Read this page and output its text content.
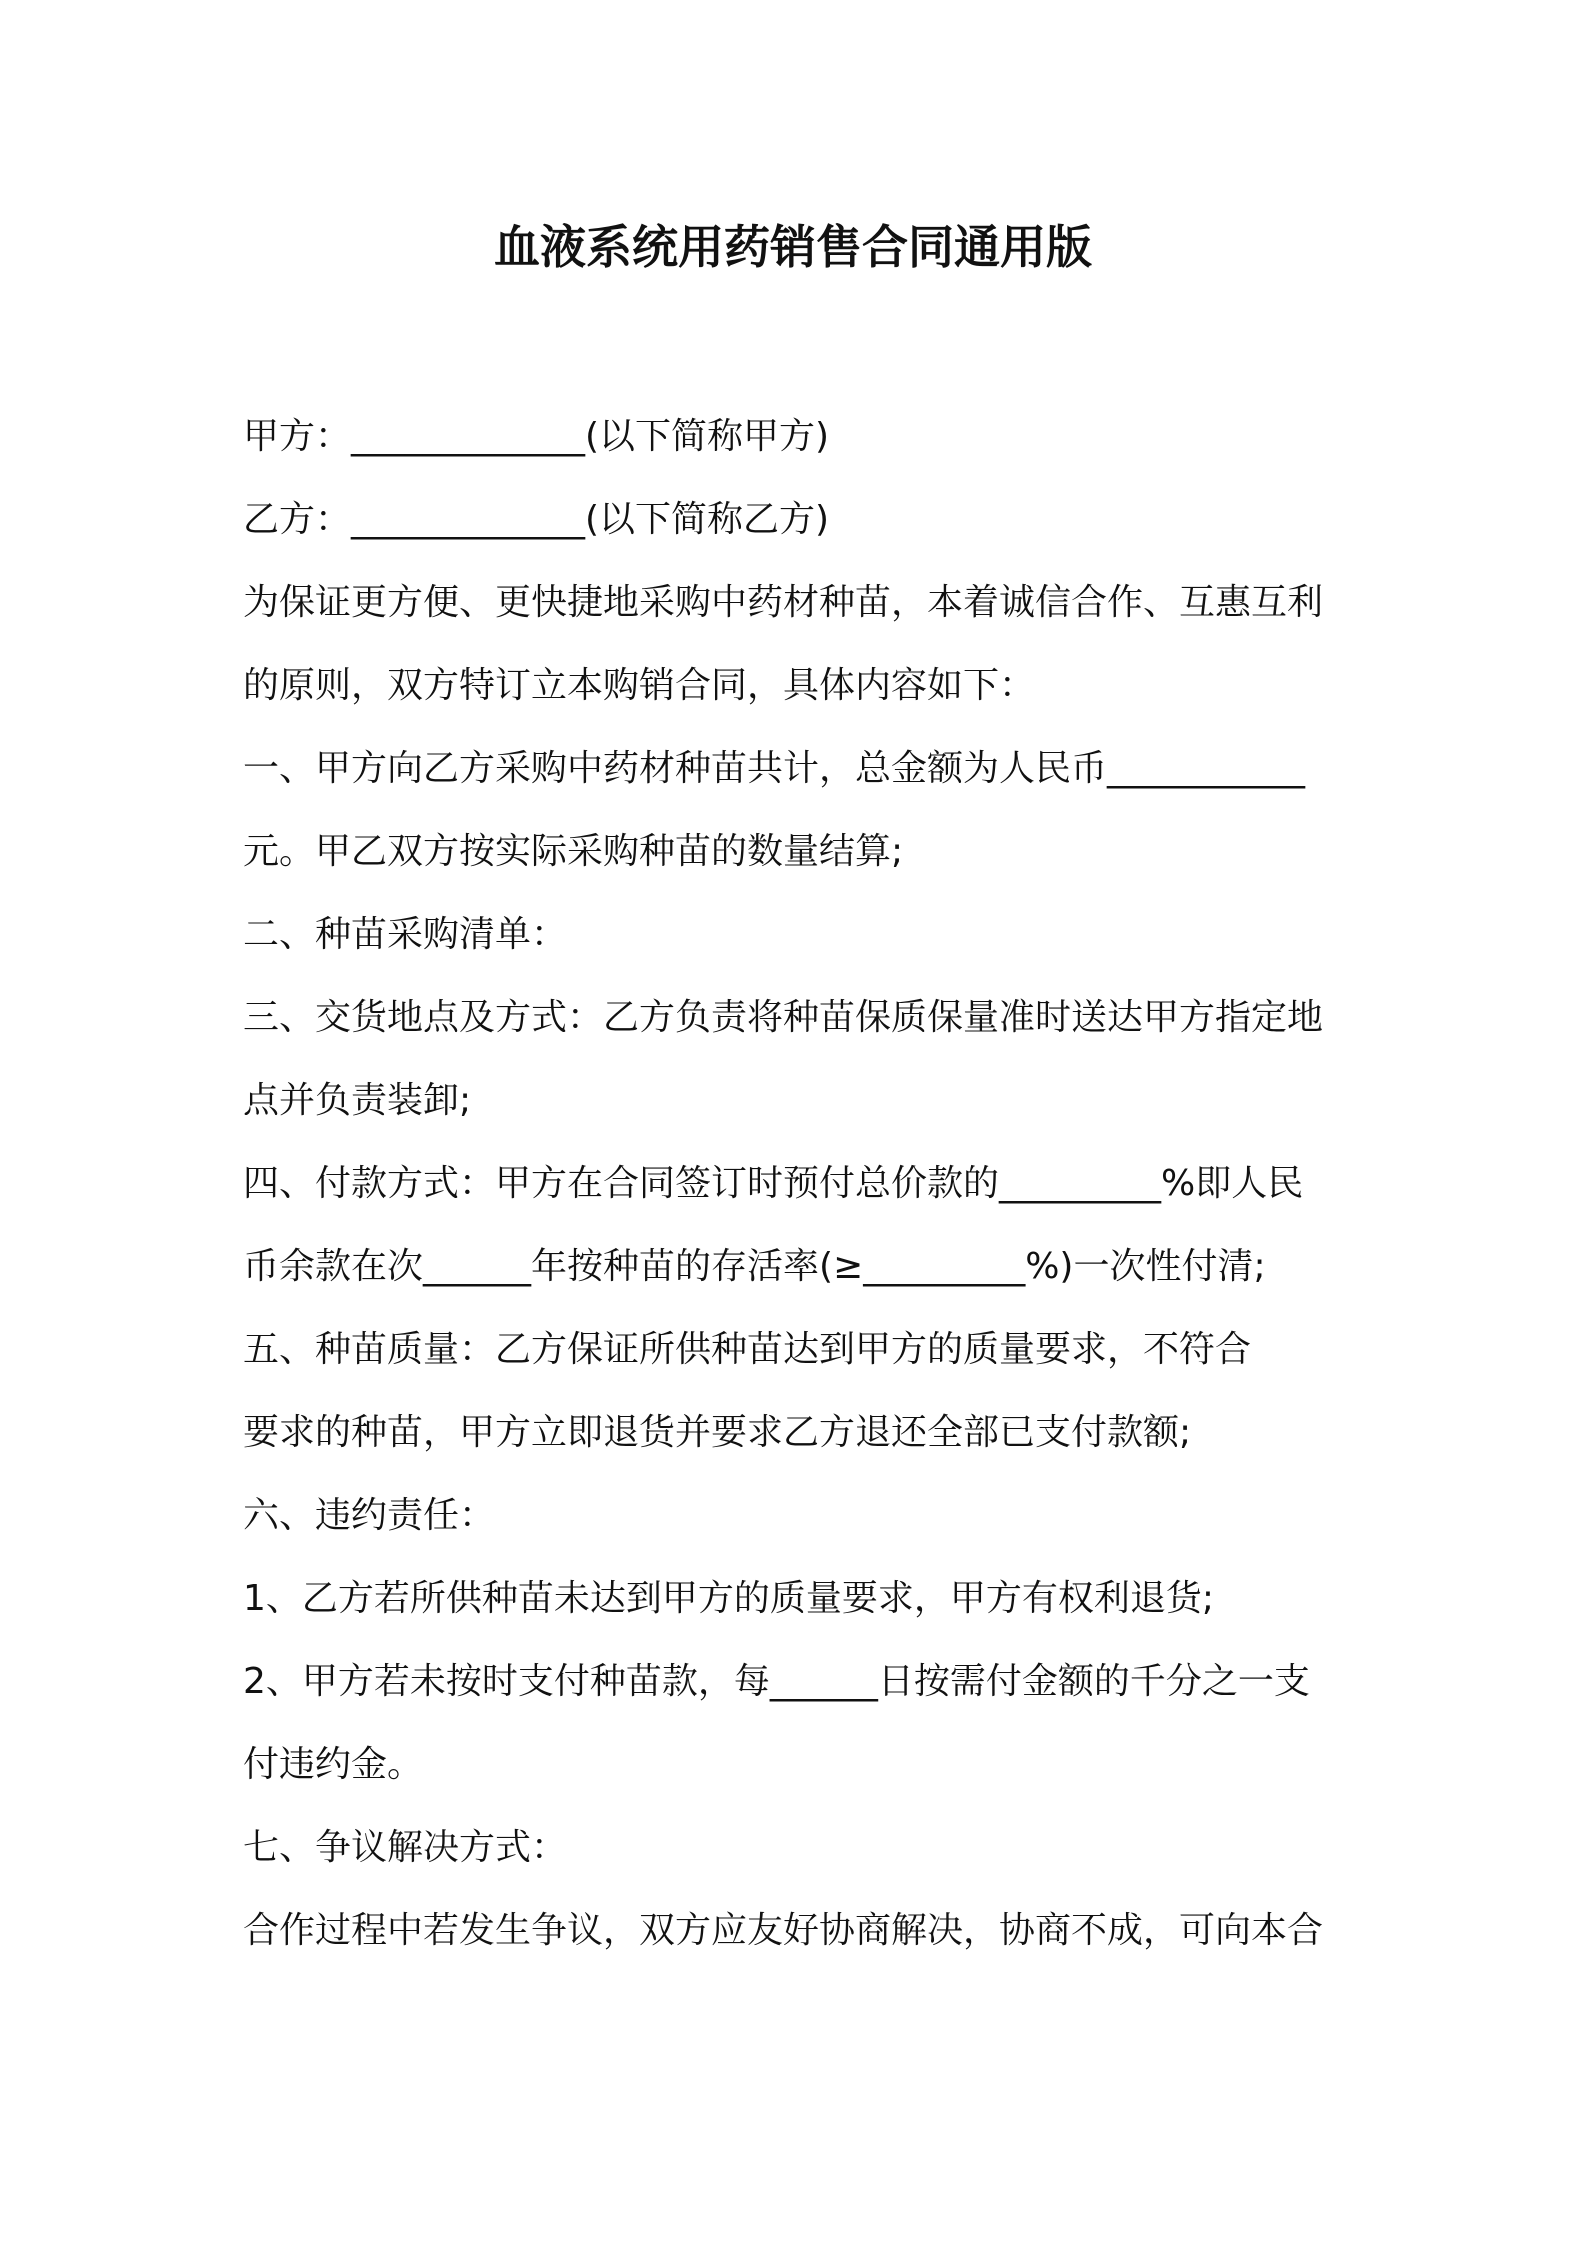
血液系统用药销售合同通用版
甲方：_____________(以下简称甲方)
乙方：_____________(以下简称乙方)
为保证更方便、更快捷地采购中药材种苗，本着诚信合作、互惠互利
的原则，双方特订立本购销合同，具体内容如下：
一、甲方向乙方采购中药材种苗共计，总金额为人民币___________
元。甲乙双方按实际采购种苗的数量结算;
二、种苗采购清单：
三、交货地点及方式：乙方负责将种苗保质保量准时送达甲方指定地
点并负责装卸;
四、付款方式：甲方在合同签订时预付总价款的_________%即人民
币余款在次______年按种苗的存活率(≥_________%)一次性付清;
五、种苗质量：乙方保证所供种苗达到甲方的质量要求，不符合
要求的种苗，甲方立即退货并要求乙方退还全部已支付款额;
六、违约责任：
1、乙方若所供种苗未达到甲方的质量要求，甲方有权利退货;
2、甲方若未按时支付种苗款，每______日按需付金额的千分之一支
付违约金。
七、争议解决方式：
合作过程中若发生争议，双方应友好协商解决，协商不成，可向本合
